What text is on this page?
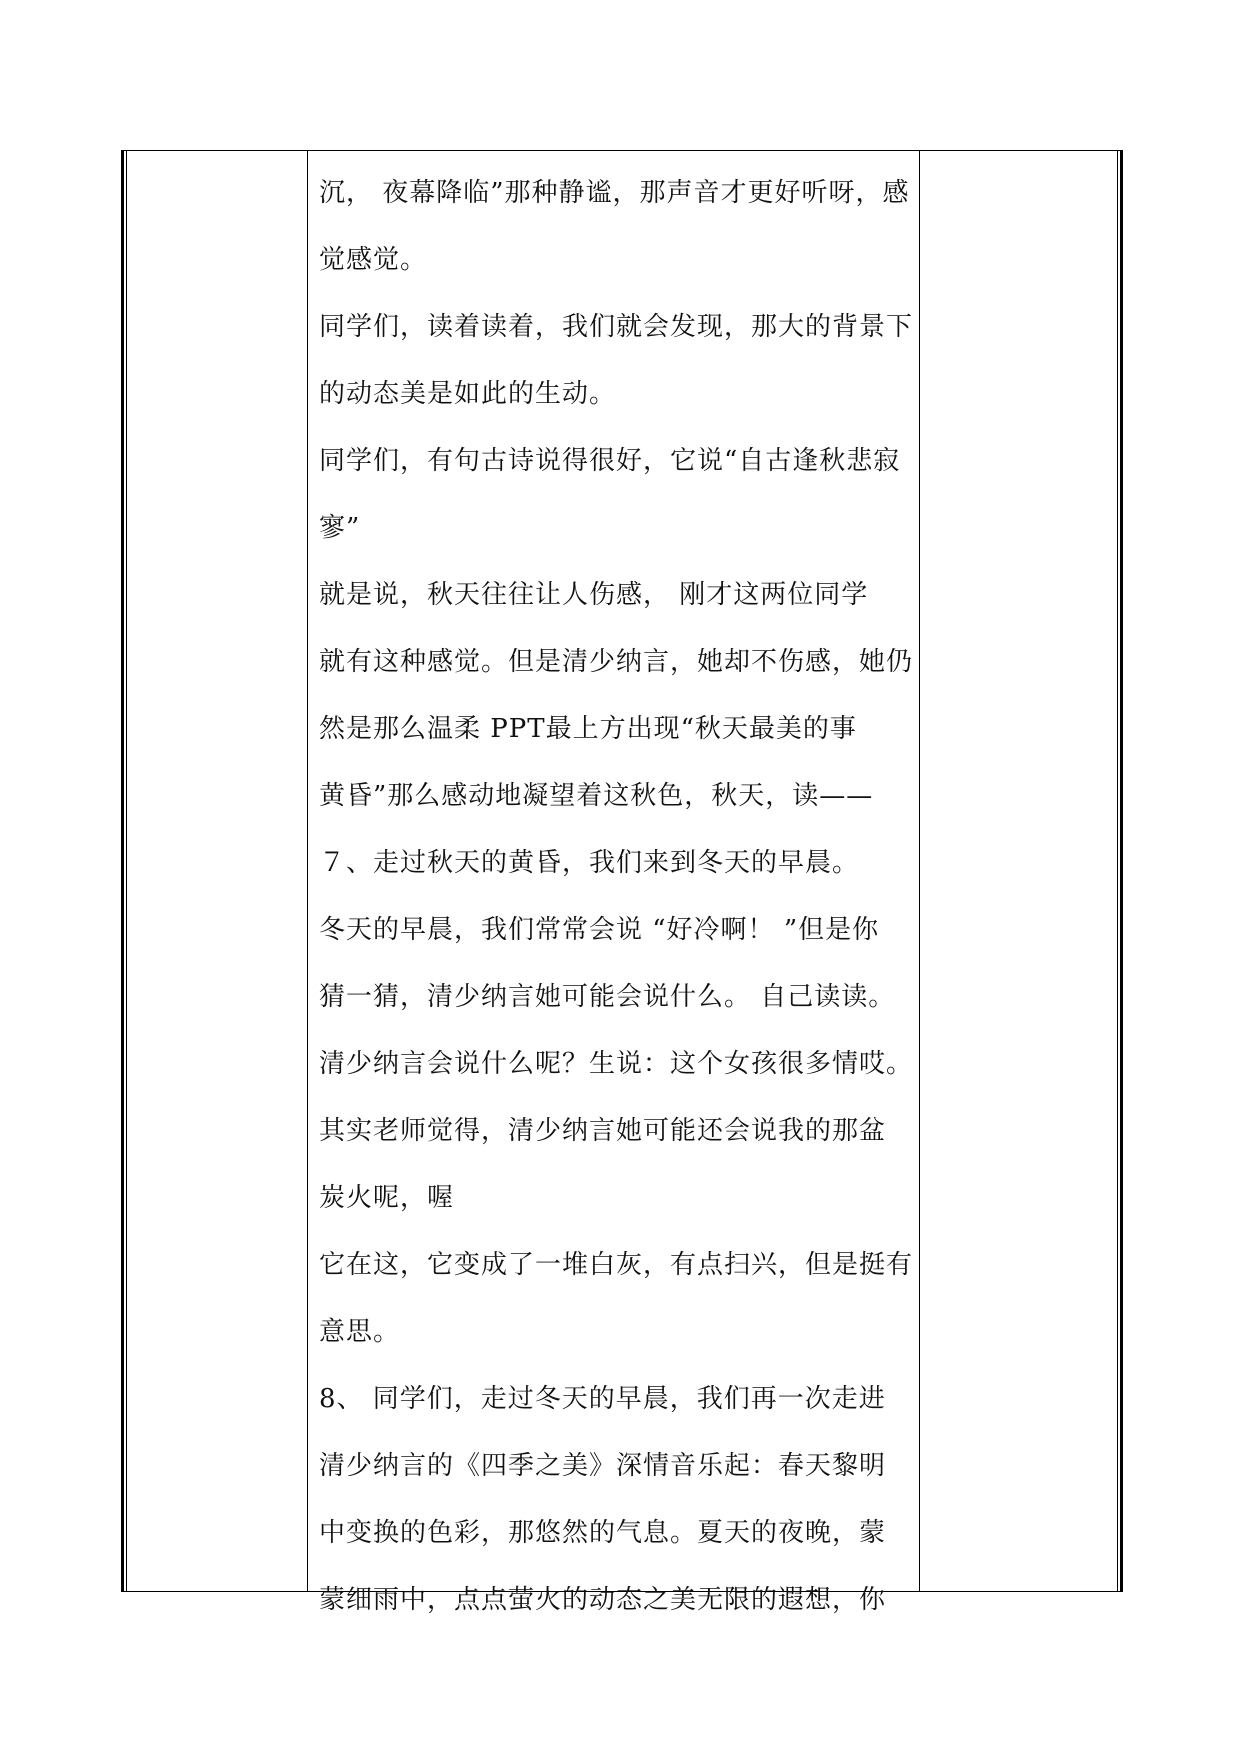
沉， 夜幕降临”那种静谧，那声音才更好听呀，感
觉感觉。
同学们，读着读着，我们就会发现，那大的背景下
的动态美是如此的生动。
同学们，有句古诗说得很好，它说“自古逢秋悲寂
寥”
就是说，秋天往往让人伤感， 刚才这两位同学
就有这种感觉。但是清少纳言，她却不伤感，她仍
然是那么温柔 PPT最上方出现“秋天最美的事
黄昏”那么感动地凝望着这秋色，秋天，读——
７、走过秋天的黄昏，我们来到冬天的早晨。
冬天的早晨，我们常常会说 “好冷啊！ ”但是你
猜一猜，清少纳言她可能会说什么。 自己读读。
清少纳言会说什么呢？生说：这个女孩很多情哎。
其实老师觉得，清少纳言她可能还会说我的那盆
炭火呢，喔
它在这，它变成了一堆白灰，有点扫兴，但是挺有
意思。
8、 同学们，走过冬天的早晨，我们再一次走进
清少纳言的《四季之美》深情音乐起：春天黎明
中变换的色彩，那悠然的气息。夏天的夜晚，蒙
蒙细雨中，点点萤火的动态之美无限的遐想，你
